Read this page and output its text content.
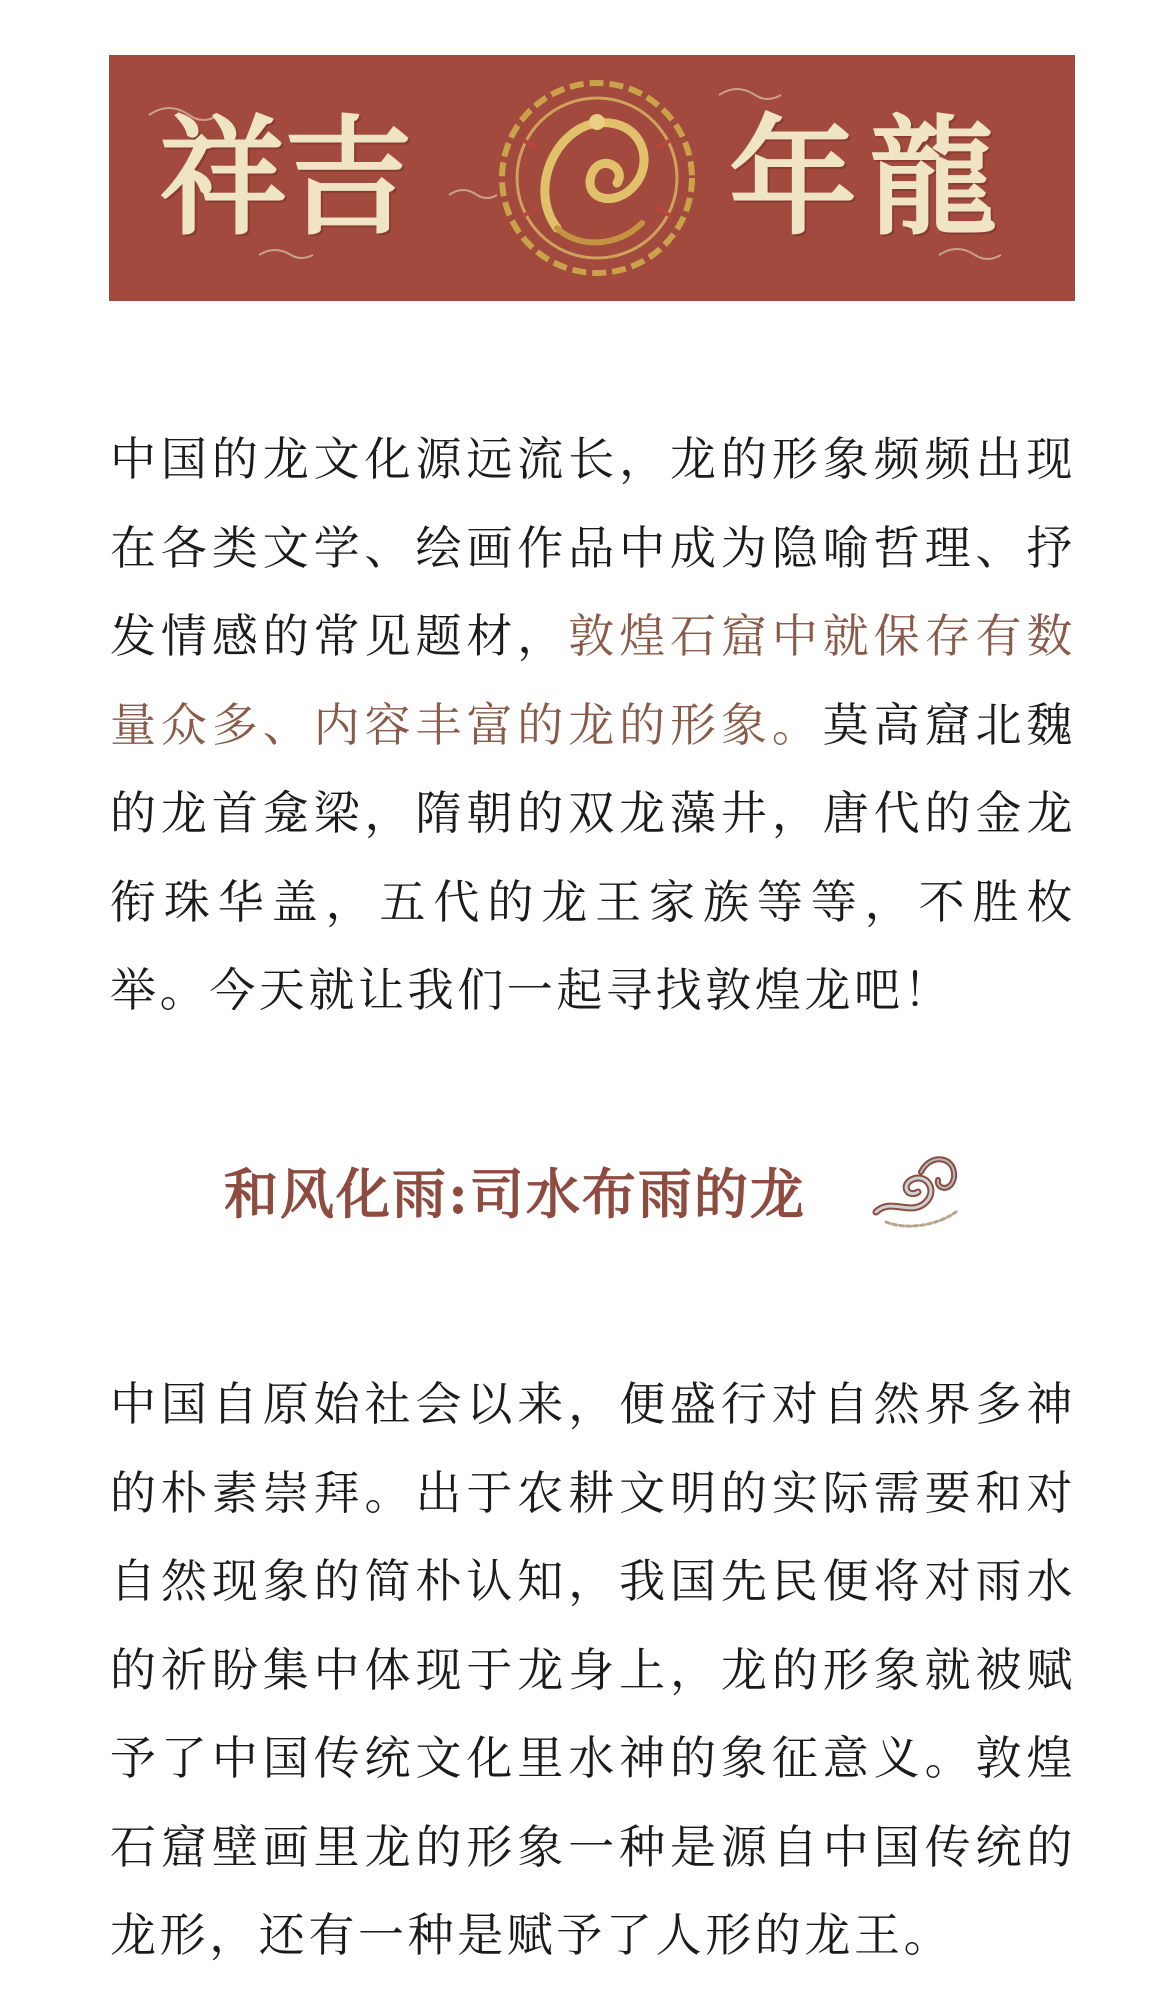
祥
吉 年 龍

中国的龙文化源远流长，龙的形象频频出现在各类文学、绘画作品中成为隐喻哲理、抒发情感的常见题材，敦煌石窟中就保存有数量众多、内容丰富的龙的形象。莫高窟北魏的龙首龛梁，隋朝的双龙藻井，唐代的金龙衔珠华盖，五代的龙王家族等等，不胜枚举。今天就让我们一起寻找敦煌龙吧！

和风化雨:司水布雨的龙

中国自原始社会以来，便盛行对自然界多神的朴素崇拜。出于农耕文明的实际需要和对自然现象的简朴认知，我国先民便将对雨水的祈盼集中体现于龙身上，龙的形象就被赋予了中国传统文化里水神的象征意义。敦煌石窟壁画里龙的形象一种是源自中国传统的龙形，还有一种是赋予了人形的龙王。
